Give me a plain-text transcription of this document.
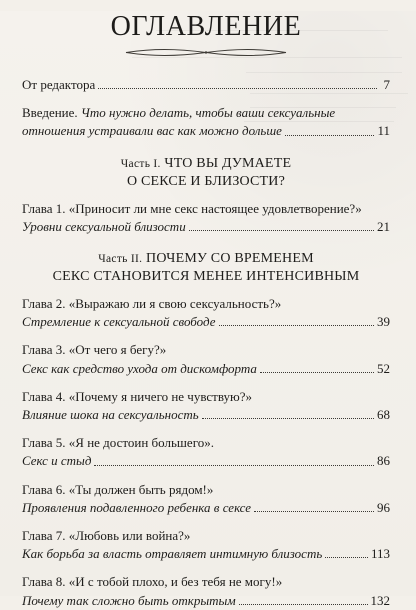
ОГЛАВЛЕНИЕ
От редактора	7
Введение. Что нужно делать, чтобы ваши сексуальные
отношения устраивали вас как можно дольше	11
Часть I. ЧТО ВЫ ДУМАЕТЕ
О СЕКСЕ И БЛИЗОСТИ?
Глава 1. «Приносит ли мне секс настоящее удовлетворение?»
Уровни сексуальной близости	21
Часть II. ПОЧЕМУ СО ВРЕМЕНЕМ
СЕКС СТАНОВИТСЯ МЕНЕЕ ИНТЕНСИВНЫМ
Глава 2. «Выражаю ли я свою сексуальность?»
Стремление к сексуальной свободе	39
Глава 3. «От чего я бегу?»
Секс как средство ухода от дискомфорта	52
Глава 4. «Почему я ничего не чувствую?»
Влияние шока на сексуальность	68
Глава 5. «Я не достоин большего».
Секс и стыд	86
Глава 6. «Ты должен быть рядом!»
Проявления подавленного ребенка в сексе	96
Глава 7. «Любовь или война?»
Как борьба за власть отравляет интимную близость	113
Глава 8. «И с тобой плохо, и без тебя не могу!»
Почему так сложно быть открытым	132
